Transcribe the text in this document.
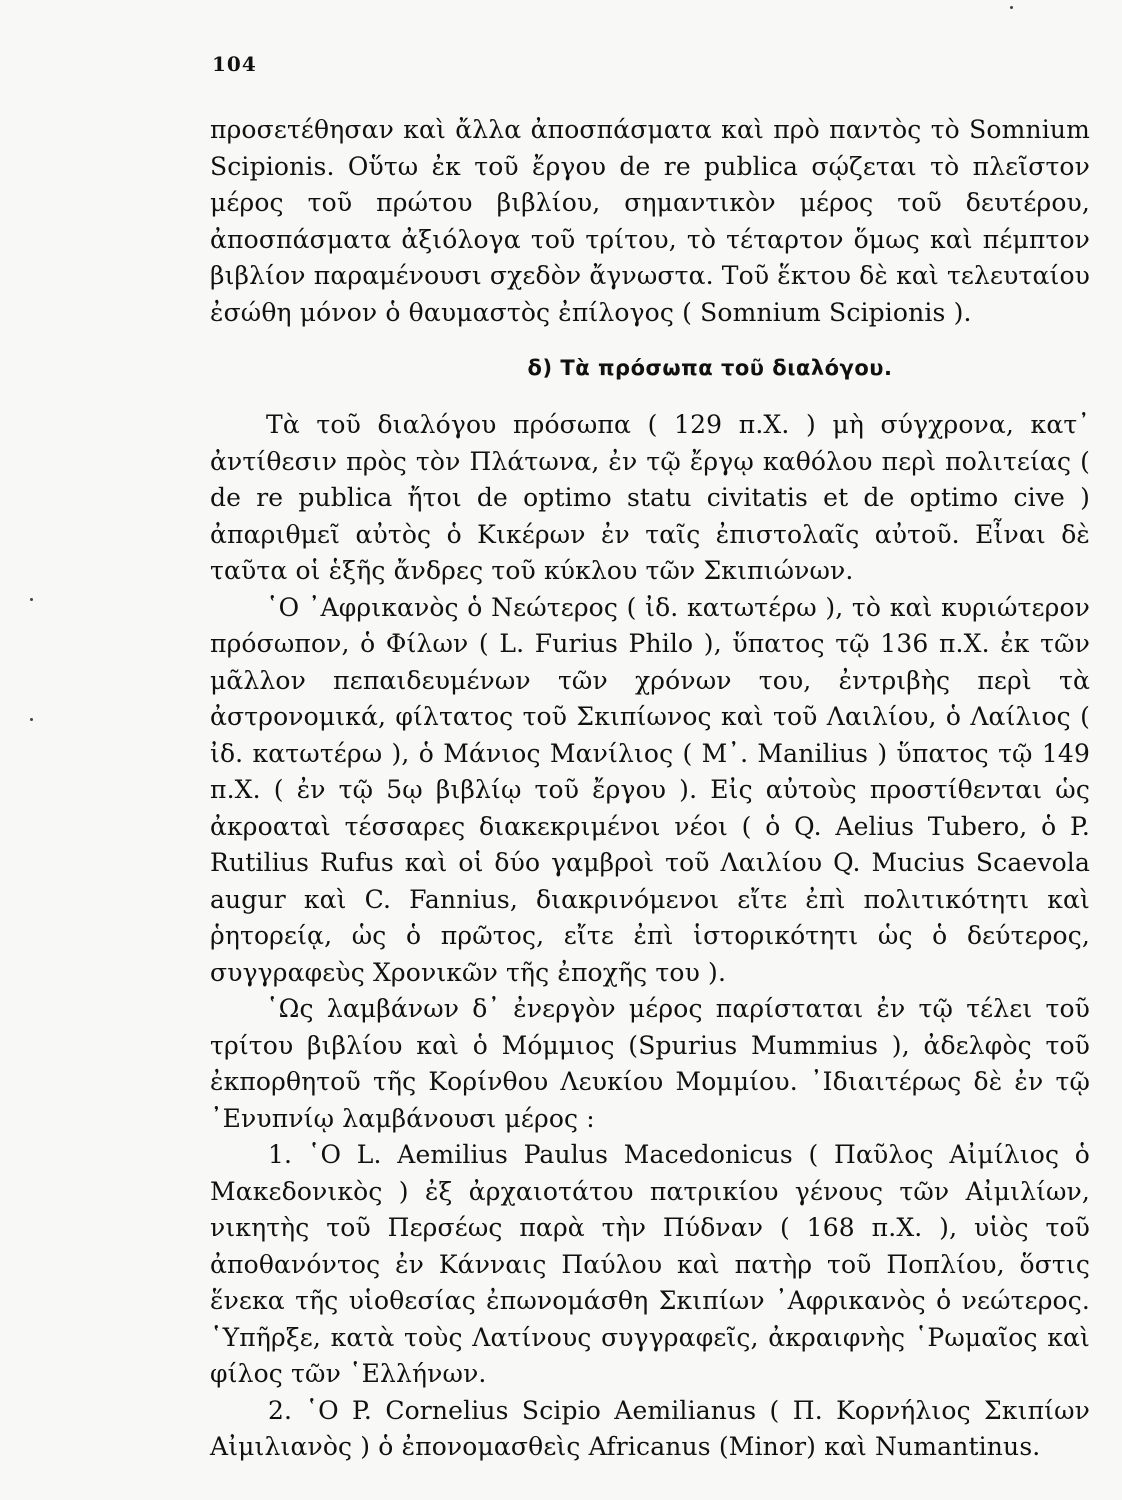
104

προσετέθησαν καὶ ἄλλα ἀποσπάσματα καὶ πρὸ παντὸς τὸ Somnium Scipionis. Οὕτω ἐκ τοῦ ἔργου de re publica σῴζεται τὸ πλεῖστον μέρος τοῦ πρώτου βιβλίου, σημαντικὸν μέρος τοῦ δευτέρου, ἀποσπάσματα ἀξιόλογα τοῦ τρίτου, τὸ τέταρτον ὅμως καὶ πέμπτον βιβλίον παραμένουσι σχεδὸν ἄγνωστα. Τοῦ ἕκτου δὲ καὶ τελευταίου ἐσώθη μόνον ὁ θαυμαστὸς ἐπίλογος ( Somnium Scipionis ).

δ) Τὰ πρόσωπα τοῦ διαλόγου.

Τὰ τοῦ διαλόγου πρόσωπα ( 129 π.Χ. ) μὴ σύγχρονα, κατ᾽ ἀντίθεσιν πρὸς τὸν Πλάτωνα, ἐν τῷ ἔργῳ καθόλου περὶ πολιτείας ( de re publica ἤτοι de optimo statu civitatis et de optimo cive ) ἀπαριθμεῖ αὐτὸς ὁ Κικέρων ἐν ταῖς ἐπιστολαῖς αὐτοῦ. Εἶναι δὲ ταῦτα οἱ ἑξῆς ἄνδρες τοῦ κύκλου τῶν Σκιπιώνων.

῾Ο ᾽Αφρικανὸς ὁ Νεώτερος ( ἰδ. κατωτέρω ), τὸ καὶ κυριώτερον πρόσωπον, ὁ Φίλων ( L. Furius Philo ), ὕπατος τῷ 136 π.Χ. ἐκ τῶν μᾶλλον πεπαιδευμένων τῶν χρόνων του, ἐντριβὴς περὶ τὰ ἀστρονομικά, φίλτατος τοῦ Σκιπίωνος καὶ τοῦ Λαιλίου, ὁ Λαίλιος ( ἰδ. κατωτέρω ), ὁ Μάνιος Μανίλιος ( M᾽. Manilius ) ὕπατος τῷ 149 π.Χ. ( ἐν τῷ 5ῳ βιβλίῳ τοῦ ἔργου ). Εἰς αὐτοὺς προστίθενται ὡς ἀκροαταὶ τέσσαρες διακεκριμένοι νέοι ( ὁ Q. Aelius Tubero, ὁ P. Rutilius Rufus καὶ οἱ δύο γαμβροὶ τοῦ Λαιλίου Q. Mucius Scaevola augur καὶ C. Fannius, διακρινόμενοι εἴτε ἐπὶ πολιτικότητι καὶ ῥητορείᾳ, ὡς ὁ πρῶτος, εἴτε ἐπὶ ἱστορικότητι ὡς ὁ δεύτερος, συγγραφεὺς Χρονικῶν τῆς ἐποχῆς του ).

῾Ως λαμβάνων δ᾽ ἐνεργὸν μέρος παρίσταται ἐν τῷ τέλει τοῦ τρίτου βιβλίου καὶ ὁ Μόμμιος (Spurius Mummius ), ἀδελφὸς τοῦ ἐκπορθητοῦ τῆς Κορίνθου Λευκίου Μομμίου. ᾽Ιδιαιτέρως δὲ ἐν τῷ ᾽Ενυπνίῳ λαμβάνουσι μέρος :

1. ῾Ο L. Aemilius Paulus Macedonicus ( Παῦλος Αἰμίλιος ὁ Μακεδονικὸς ) ἐξ ἀρχαιοτάτου πατρικίου γένους τῶν Αἰμιλίων, νικητὴς τοῦ Περσέως παρὰ τὴν Πύδναν ( 168 π.Χ. ), υἱὸς τοῦ ἀποθανόντος ἐν Κάνναις Παύλου καὶ πατὴρ τοῦ Ποπλίου, ὅστις ἕνεκα τῆς υἱοθεσίας ἐπωνομάσθη Σκιπίων ᾽Αφρικανὸς ὁ νεώτερος. ῾Υπῆρξε, κατὰ τοὺς Λατίνους συγγραφεῖς, ἀκραιφνὴς ῾Ρωμαῖος καὶ φίλος τῶν ῾Ελλήνων.

2. ῾Ο P. Cornelius Scipio Aemilianus ( Π. Κορνήλιος Σκιπίων Αἰμιλιανὸς ) ὁ ἐπονομασθεὶς Africanus (Minor) καὶ Numantinus.
